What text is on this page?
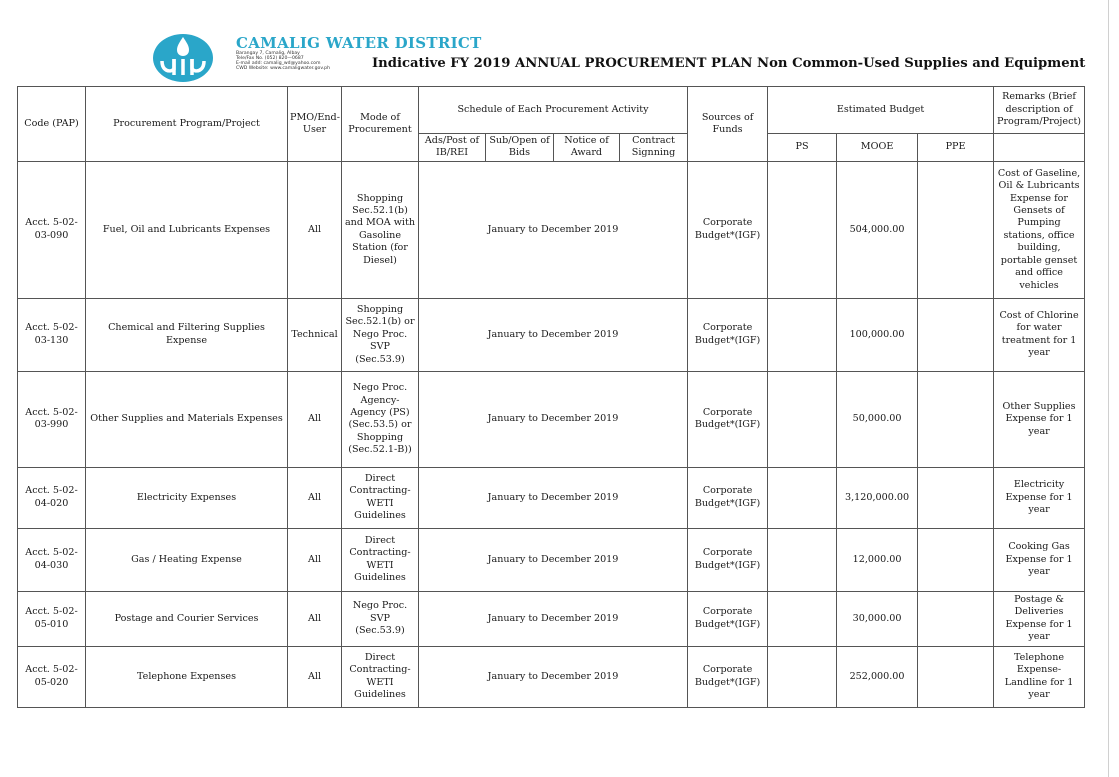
CAMALIG WATER DISTRICT
Barangay 7, Camalig, Albay
Tele/Fax No. (052) 820—0687
E-mail add: camalig_wd@yahoo.com
CWD Website: www.camaligwater.gov.ph	Indicative FY 2019 ANNUAL PROCUREMENT PLAN Non Common-Used Supplies and Equipment
Code (PAP)	Procurement Program/Project	PMO/End-User	Mode of Procurement	Schedule of Each Procurement Activity				Sources of Funds	Estimated Budget			Remarks (Brief description of Program/Project)
				Ads/Post of IB/REI	Sub/Open of Bids	Notice of Award	Contract Signning		PS	MOOE	PPE	
Acct. 5-02-03-090	Fuel, Oil and Lubricants Expenses	All	Shopping Sec.52.1(b) and MOA with Gasoline Station (for Diesel)	January to December 2019				Corporate Budget*(IGF)		504,000.00		Cost of Gaseline, Oil & Lubricants Expense for Gensets of Pumping stations, office building, portable genset and office vehicles
Acct. 5-02-03-130	Chemical and Filtering Supplies Expense	Technical	Shopping Sec.52.1(b) or Nego Proc. SVP (Sec.53.9)	January to December 2019				Corporate Budget*(IGF)		100,000.00		Cost of Chlorine for water treatment for 1 year
Acct. 5-02-03-990	Other Supplies and Materials Expenses	All	Nego Proc. Agency-Agency (PS) (Sec.53.5) or Shopping (Sec.52.1-B))	January to December 2019				Corporate Budget*(IGF)		50,000.00		Other Supplies Expense for 1 year
Acct. 5-02-04-020	Electricity Expenses	All	Direct Contracting-WETI Guidelines	January to December 2019				Corporate Budget*(IGF)		3,120,000.00		Electricity Expense for 1 year
Acct. 5-02-04-030	Gas / Heating Expense	All	Direct Contracting-WETI Guidelines	January to December 2019				Corporate Budget*(IGF)		12,000.00		Cooking Gas Expense for 1 year
Acct. 5-02-05-010	Postage and Courier Services	All	Nego Proc. SVP (Sec.53.9)	January to December 2019				Corporate Budget*(IGF)		30,000.00		Postage & Deliveries Expense for 1 year
Acct. 5-02-05-020	Telephone Expenses	All	Direct Contracting-WETI Guidelines	January to December 2019				Corporate Budget*(IGF)		252,000.00		Telephone Expense-Landline for 1 year
